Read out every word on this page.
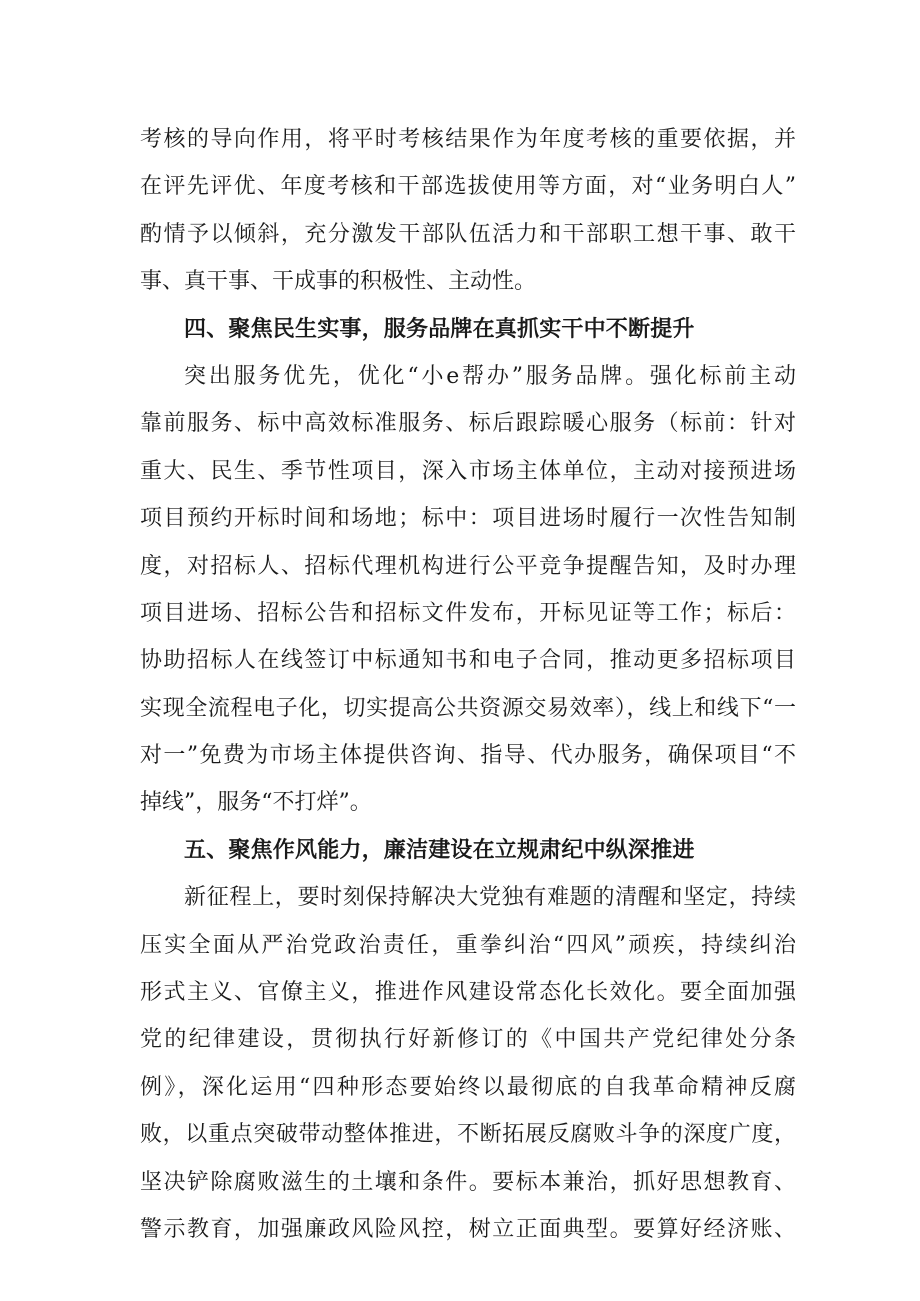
考核的导向作用，将平时考核结果作为年度考核的重要依据，并
在评先评优、年度考核和干部选拔使用等方面，对“业务明白人”
酌情予以倾斜，充分激发干部队伍活力和干部职工想干事、敢干
事、真干事、干成事的积极性、主动性。
四、聚焦民生实事，服务品牌在真抓实干中不断提升
突出服务优先，优化“小e帮办”服务品牌。强化标前主动
靠前服务、标中高效标准服务、标后跟踪暖心服务（标前：针对
重大、民生、季节性项目，深入市场主体单位，主动对接预进场
项目预约开标时间和场地；标中：项目进场时履行一次性告知制
度，对招标人、招标代理机构进行公平竞争提醒告知，及时办理
项目进场、招标公告和招标文件发布，开标见证等工作；标后：
协助招标人在线签订中标通知书和电子合同，推动更多招标项目
实现全流程电子化，切实提高公共资源交易效率），线上和线下“一
对一”免费为市场主体提供咨询、指导、代办服务，确保项目“不
掉线”，服务“不打烊”。
五、聚焦作风能力，廉洁建设在立规肃纪中纵深推进
新征程上，要时刻保持解决大党独有难题的清醒和坚定，持续
压实全面从严治党政治责任，重拳纠治“四风”顽疾，持续纠治
形式主义、官僚主义，推进作风建设常态化长效化。要全面加强
党的纪律建设，贯彻执行好新修订的《中国共产党纪律处分条
例》，深化运用“四种形态要始终以最彻底的自我革命精神反腐
败，以重点突破带动整体推进，不断拓展反腐败斗争的深度广度，
坚决铲除腐败滋生的土壤和条件。要标本兼治，抓好思想教育、
警示教育，加强廉政风险风控，树立正面典型。要算好经济账、
